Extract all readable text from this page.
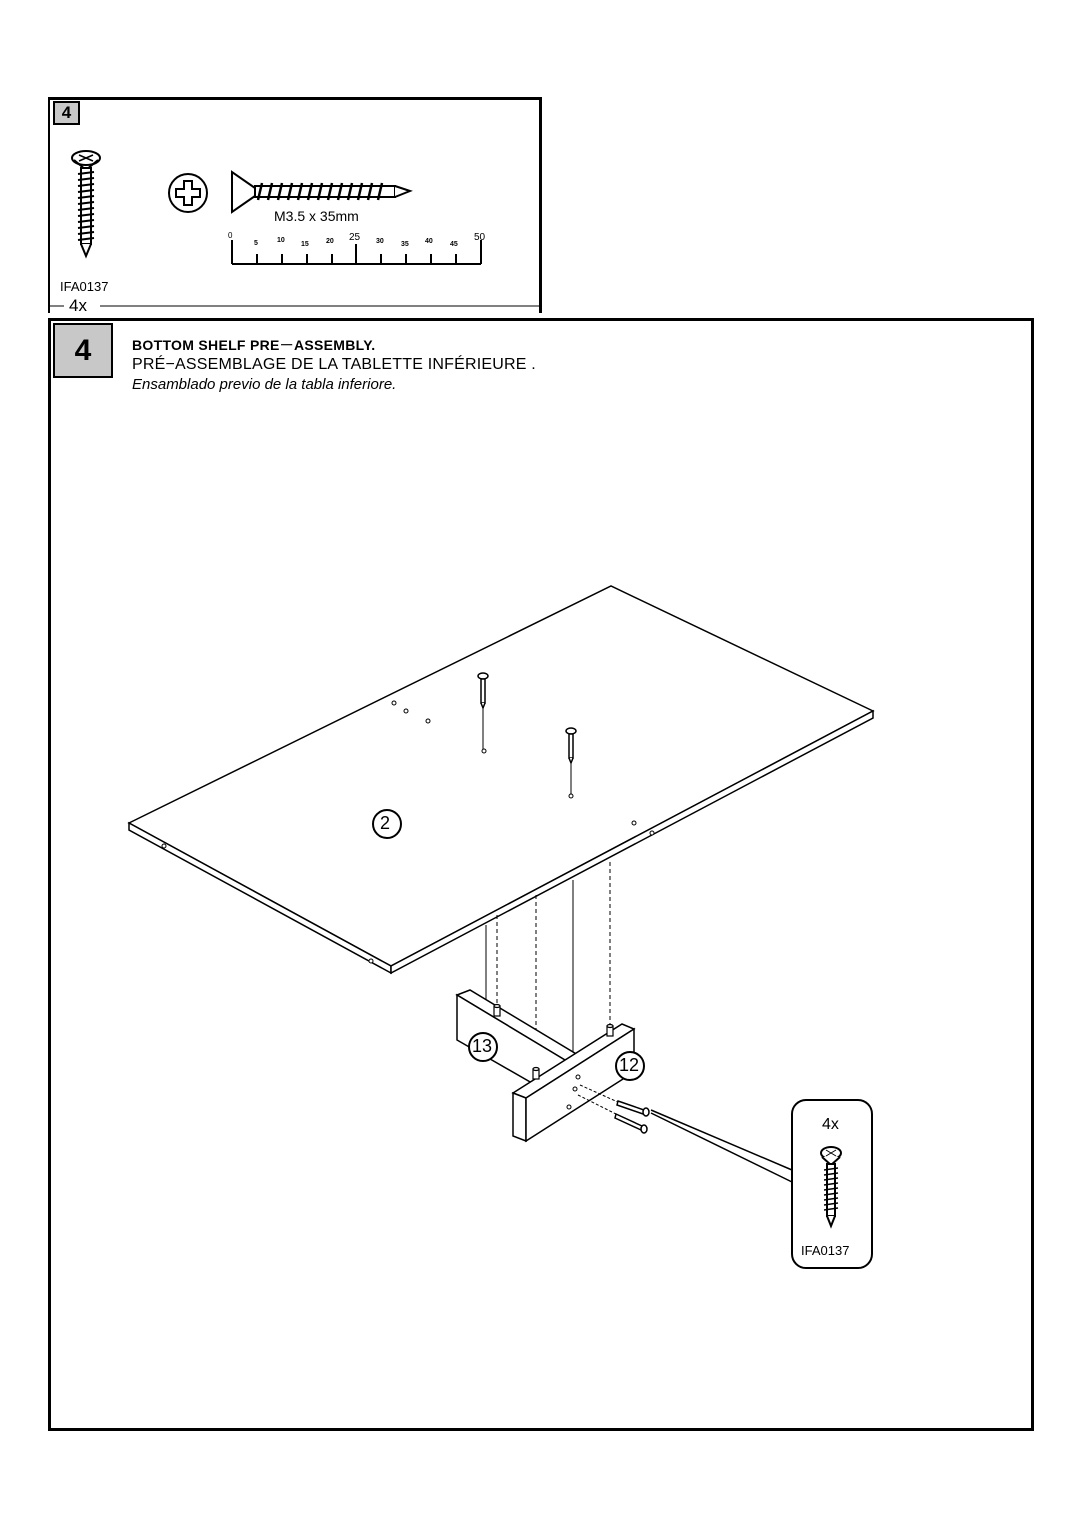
4
M3.5 x 35mm
0
5	10
15 20 25 30 35 40 45
50
IFA0137
4x
4	BOTTOM SHELF PRE－ASSEMBLY.
PRÉ−ASSEMBLAGE DE LA TABLETTE INFÉRIEURE .
Ensamblado previo de la tabla inferiore.
2
13
12
4x
IFA0137
